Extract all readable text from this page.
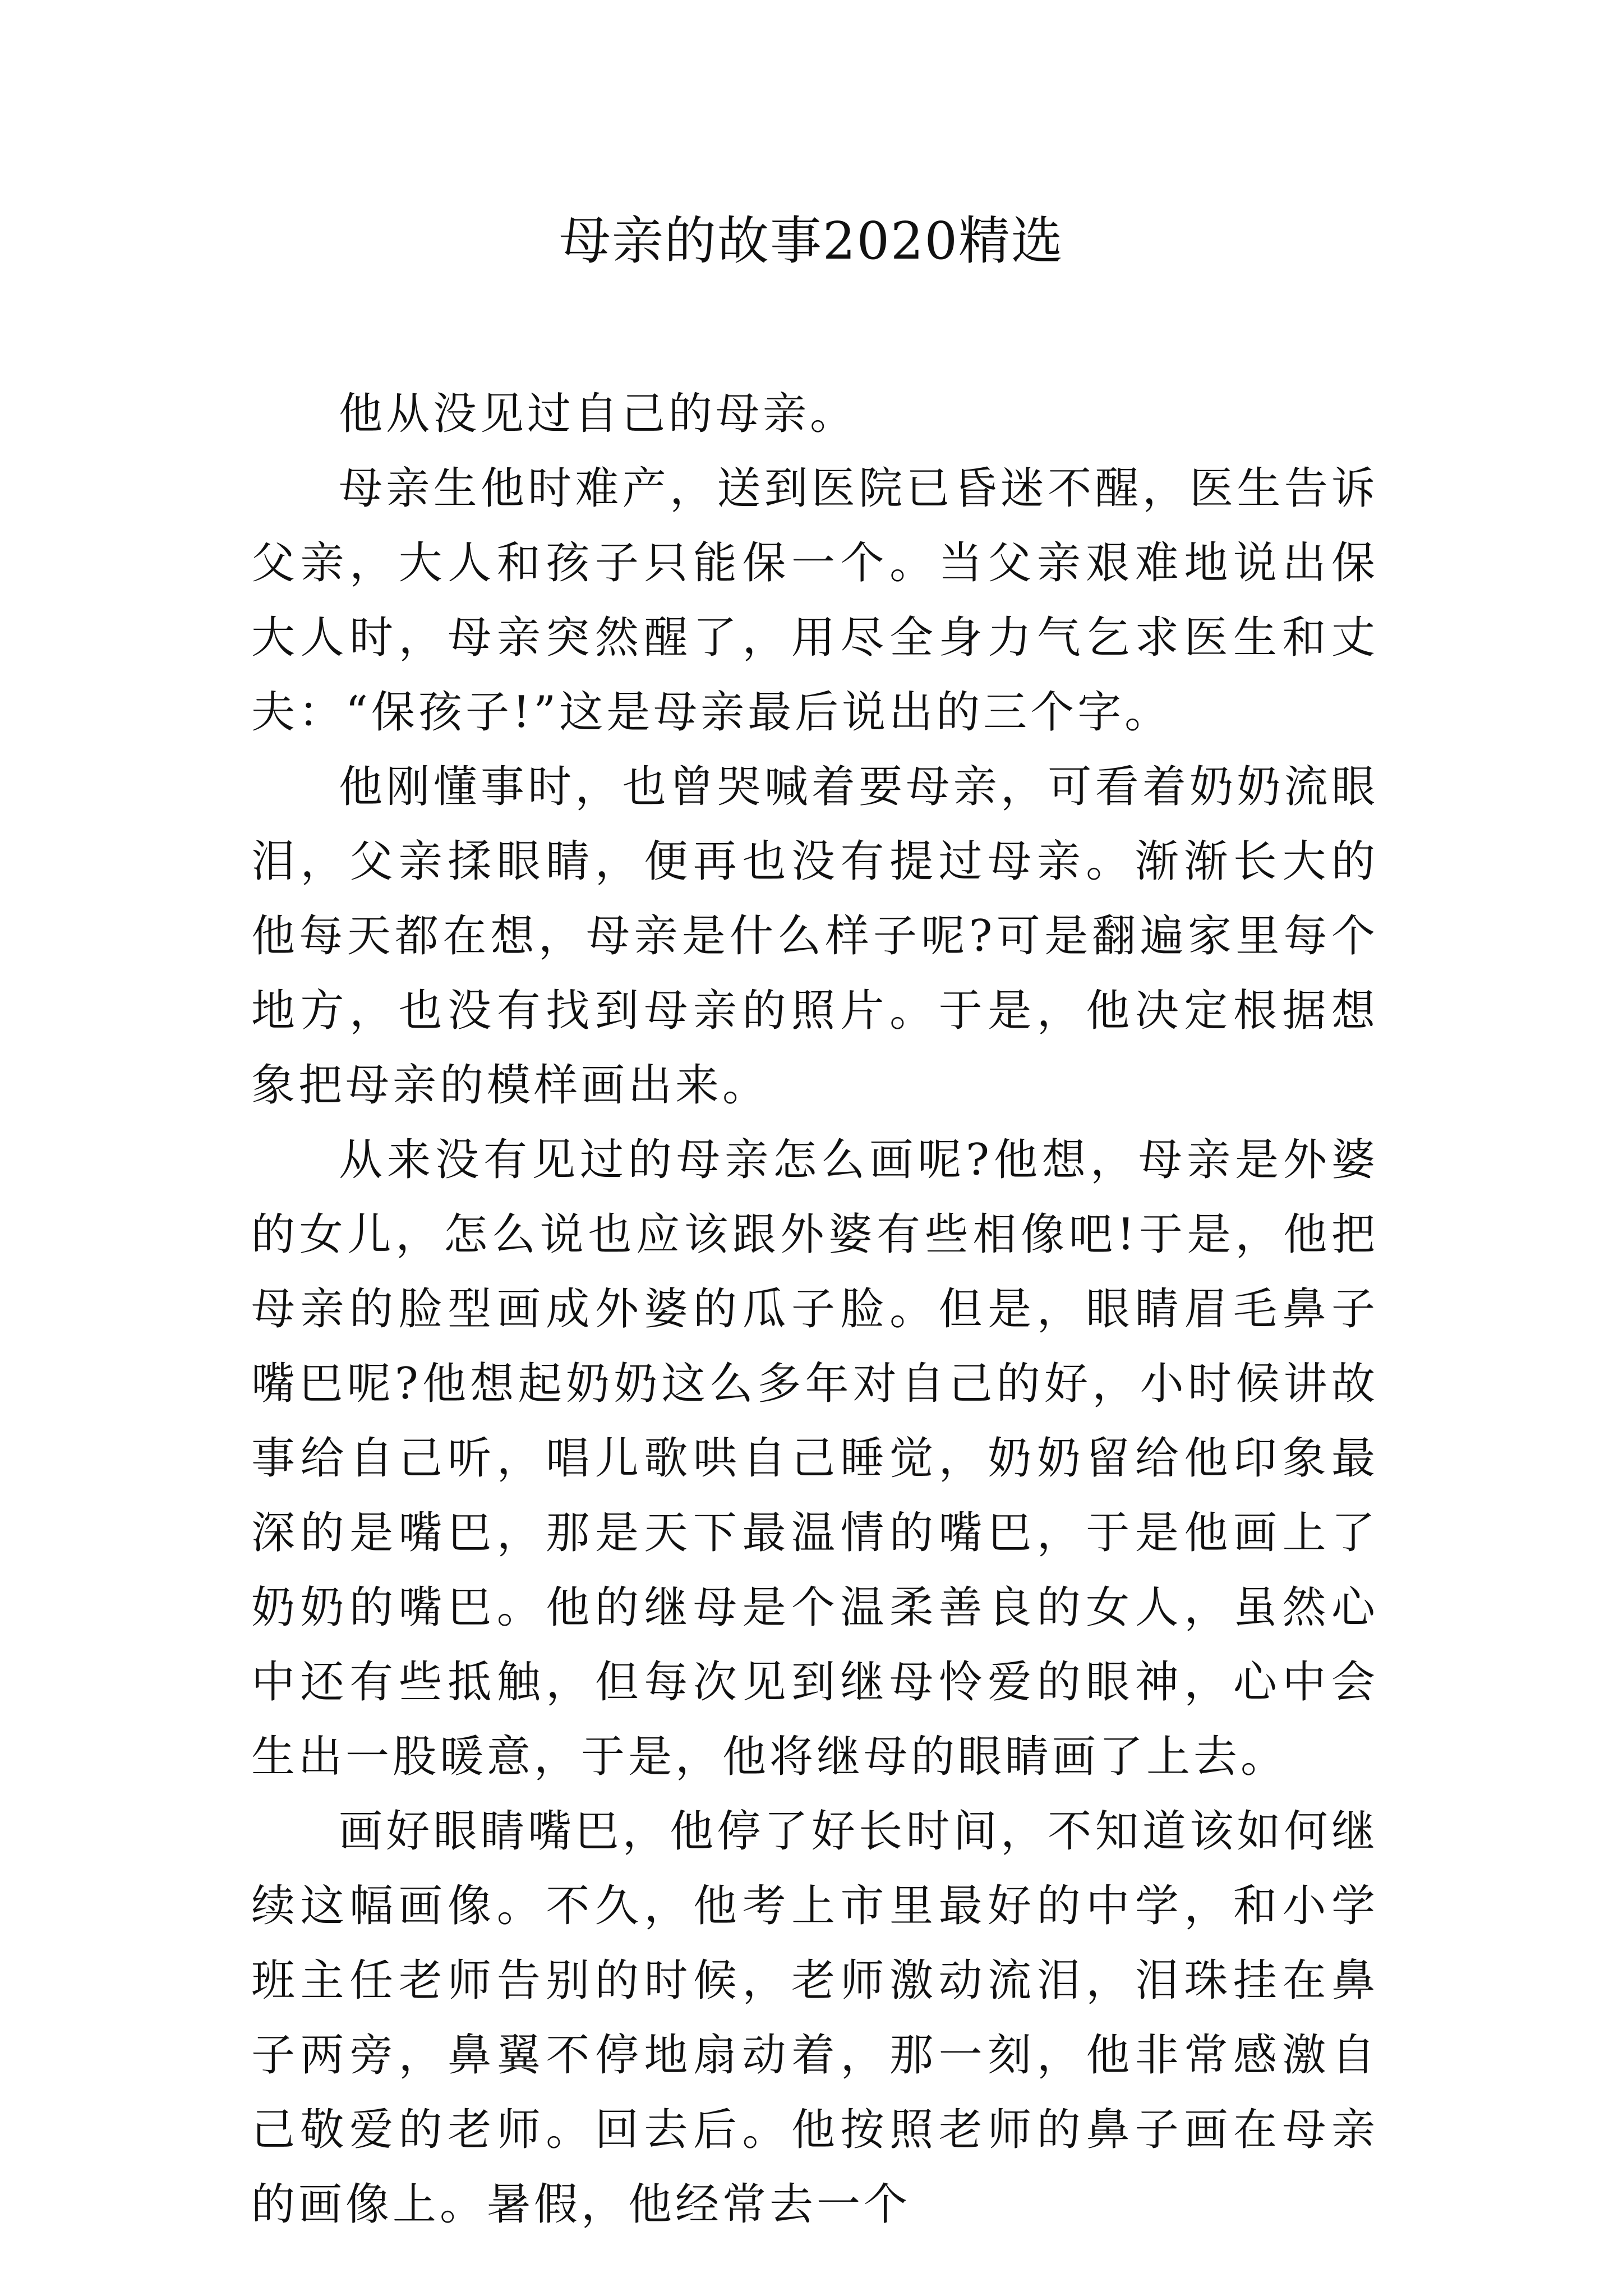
母亲的故事2020精选

他从没见过自己的母亲。

母亲生他时难产，送到医院已昏迷不醒，医生告诉父亲，大人和孩子只能保一个。当父亲艰难地说出保大人时，母亲突然醒了，用尽全身力气乞求医生和丈夫：“保孩子!”这是母亲最后说出的三个字。

他刚懂事时，也曾哭喊着要母亲，可看着奶奶流眼泪，父亲揉眼睛，便再也没有提过母亲。渐渐长大的他每天都在想，母亲是什么样子呢?可是翻遍家里每个地方，也没有找到母亲的照片。于是，他决定根据想象把母亲的模样画出来。

从来没有见过的母亲怎么画呢?他想，母亲是外婆的女儿，怎么说也应该跟外婆有些相像吧!于是，他把母亲的脸型画成外婆的瓜子脸。但是，眼睛眉毛鼻子嘴巴呢?他想起奶奶这么多年对自己的好，小时候讲故事给自己听，唱儿歌哄自己睡觉，奶奶留给他印象最深的是嘴巴，那是天下最温情的嘴巴，于是他画上了奶奶的嘴巴。他的继母是个温柔善良的女人，虽然心中还有些抵触，但每次见到继母怜爱的眼神，心中会生出一股暖意，于是，他将继母的眼睛画了上去。

画好眼睛嘴巴，他停了好长时间，不知道该如何继续这幅画像。不久，他考上市里最好的中学，和小学班主任老师告别的时候，老师激动流泪，泪珠挂在鼻子两旁，鼻翼不停地扇动着，那一刻，他非常感激自己敬爱的老师。回去后。他按照老师的鼻子画在母亲的画像上。暑假，他经常去一个
